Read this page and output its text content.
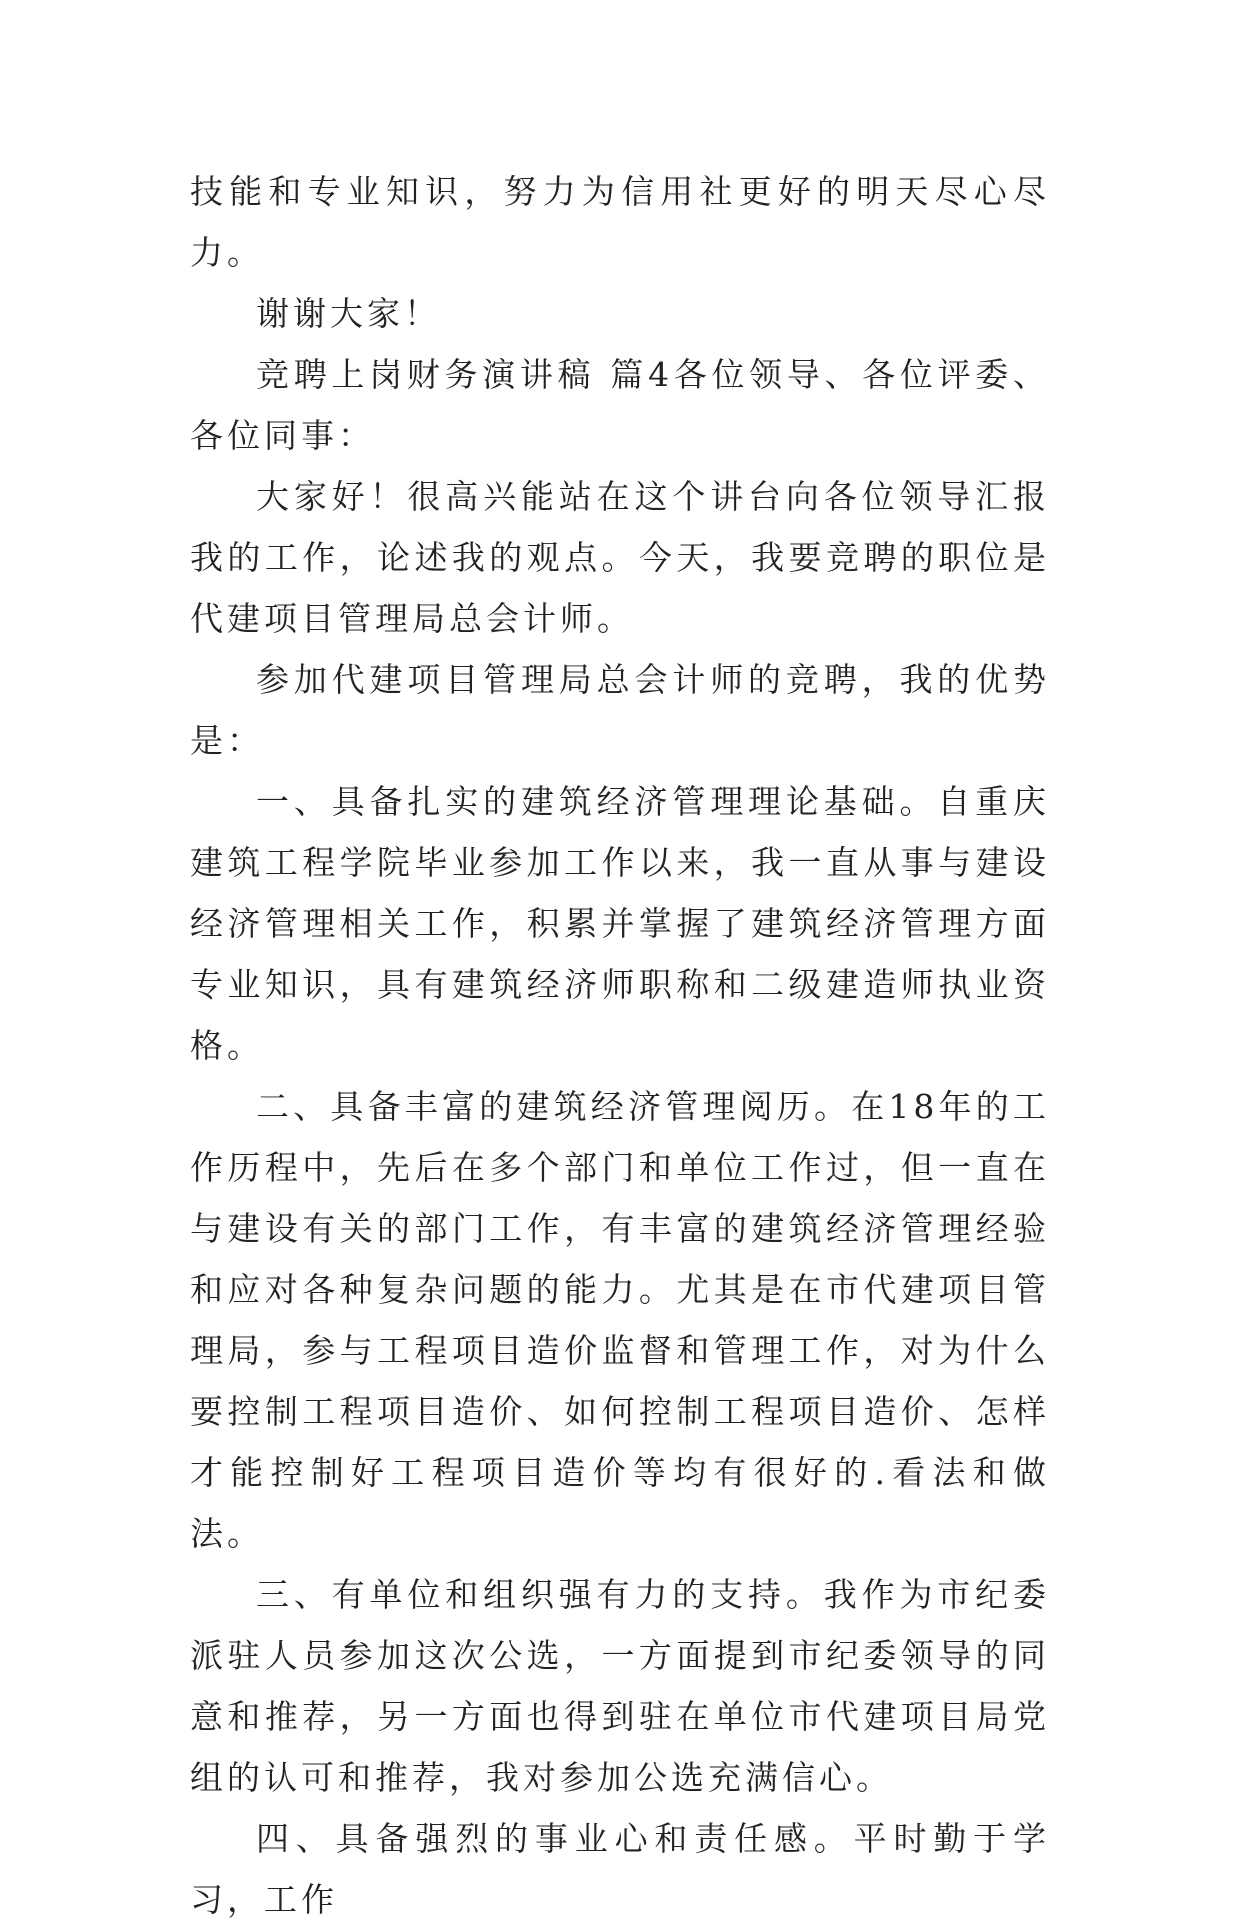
技能和专业知识，努力为信用社更好的明天尽心尽力。

谢谢大家！

竞聘上岗财务演讲稿 篇4各位领导、各位评委、各位同事：

大家好！很高兴能站在这个讲台向各位领导汇报我的工作，论述我的观点。今天，我要竞聘的职位是代建项目管理局总会计师。

参加代建项目管理局总会计师的竞聘，我的优势是：

一、具备扎实的建筑经济管理理论基础。自重庆建筑工程学院毕业参加工作以来，我一直从事与建设经济管理相关工作，积累并掌握了建筑经济管理方面专业知识，具有建筑经济师职称和二级建造师执业资格。

二、具备丰富的建筑经济管理阅历。在18年的工作历程中，先后在多个部门和单位工作过，但一直在与建设有关的部门工作，有丰富的建筑经济管理经验和应对各种复杂问题的能力。尤其是在市代建项目管理局，参与工程项目造价监督和管理工作，对为什么要控制工程项目造价、如何控制工程项目造价、怎样才能控制好工程项目造价等均有很好的.看法和做法。

三、有单位和组织强有力的支持。我作为市纪委派驻人员参加这次公选，一方面提到市纪委领导的同意和推荐，另一方面也得到驻在单位市代建项目局党组的认可和推荐，我对参加公选充满信心。

四、具备强烈的事业心和责任感。平时勤于学习，工作
